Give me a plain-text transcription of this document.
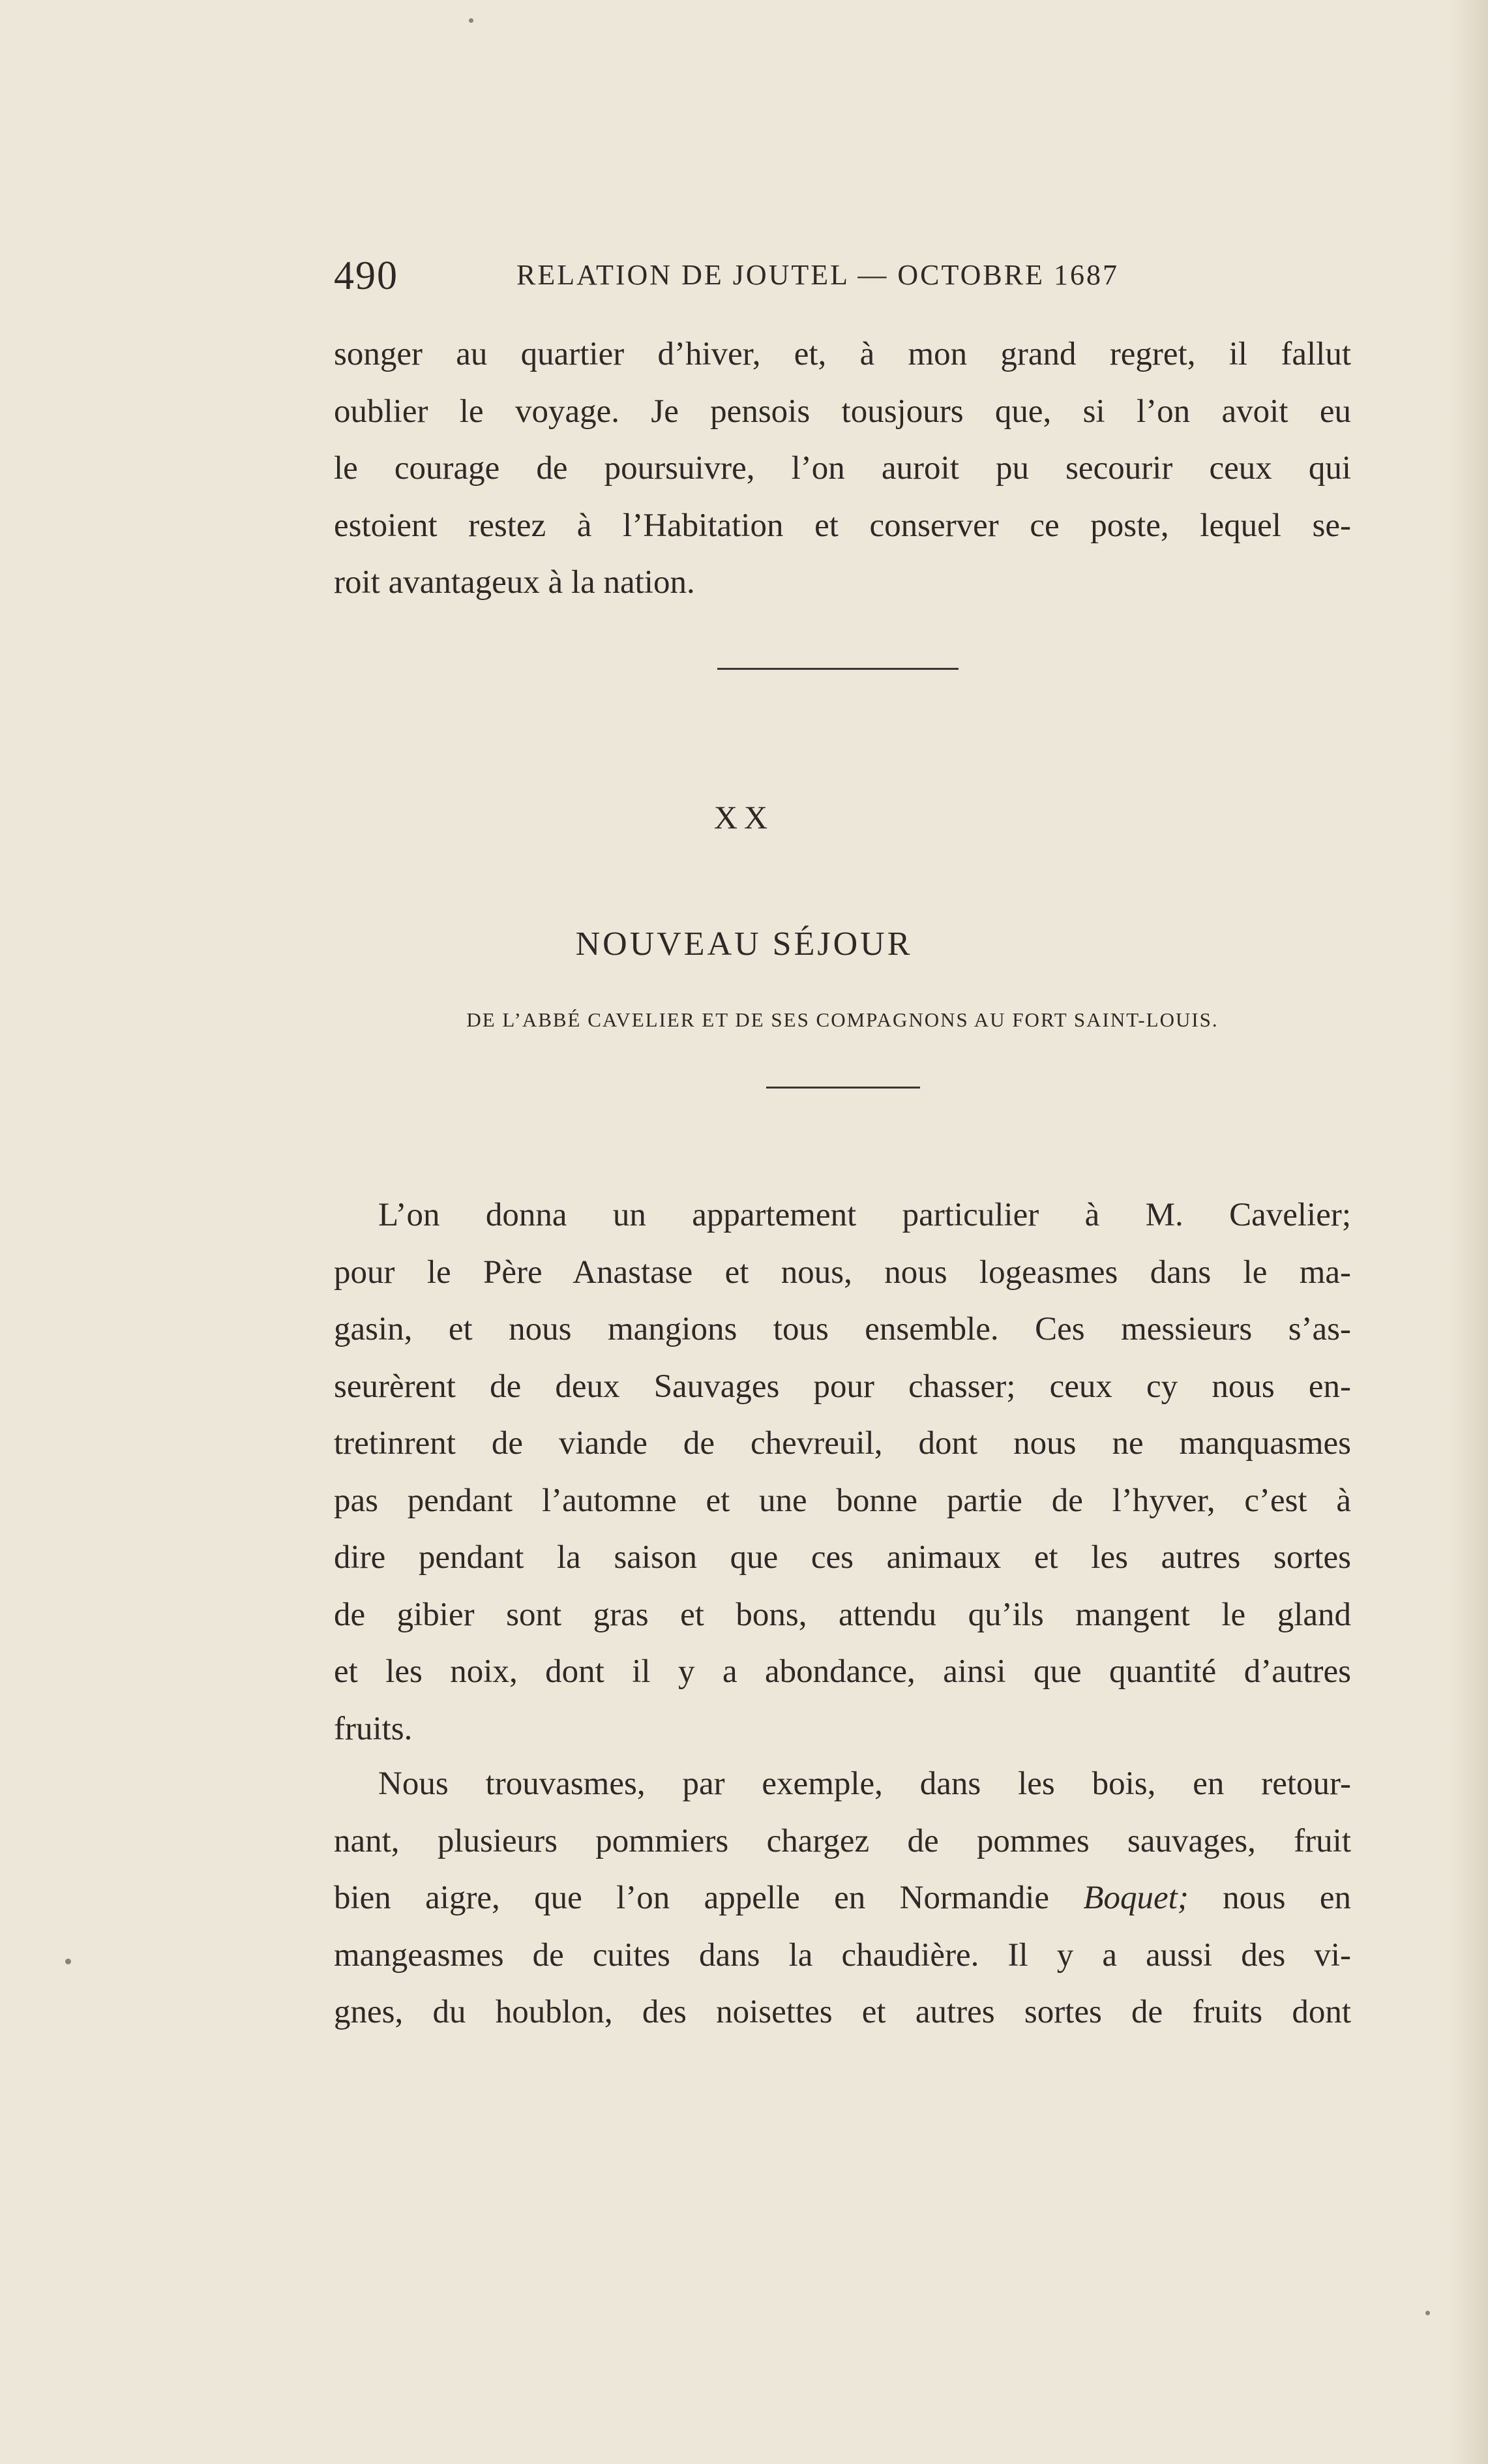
490	RELATION DE JOUTEL — OCTOBRE 1687
songer au quartier d’hiver, et, à mon grand regret, il fallut
oublier le voyage. Je pensois tousjours que, si l’on avoit eu
le courage de poursuivre, l’on auroit pu secourir ceux qui
estoient restez à l’Habitation et conserver ce poste, lequel se-
roit avantageux à la nation.
XX
NOUVEAU SÉJOUR
DE L’ABBÉ CAVELIER ET DE SES COMPAGNONS AU FORT SAINT-LOUIS.
L’on donna un appartement particulier à M. Cavelier;
pour le Père Anastase et nous, nous logeasmes dans le ma-
gasin, et nous mangions tous ensemble. Ces messieurs s’as-
seurèrent de deux Sauvages pour chasser; ceux cy nous en-
tretinrent de viande de chevreuil, dont nous ne manquasmes
pas pendant l’automne et une bonne partie de l’hyver, c’est à
dire pendant la saison que ces animaux et les autres sortes
de gibier sont gras et bons, attendu qu’ils mangent le gland
et les noix, dont il y a abondance, ainsi que quantité d’autres
fruits.
Nous trouvasmes, par exemple, dans les bois, en retour-
nant, plusieurs pommiers chargez de pommes sauvages, fruit
bien aigre, que l’on appelle en Normandie Boquet; nous en
mangeasmes de cuites dans la chaudière. Il y a aussi des vi-
gnes, du houblon, des noisettes et autres sortes de fruits dont
